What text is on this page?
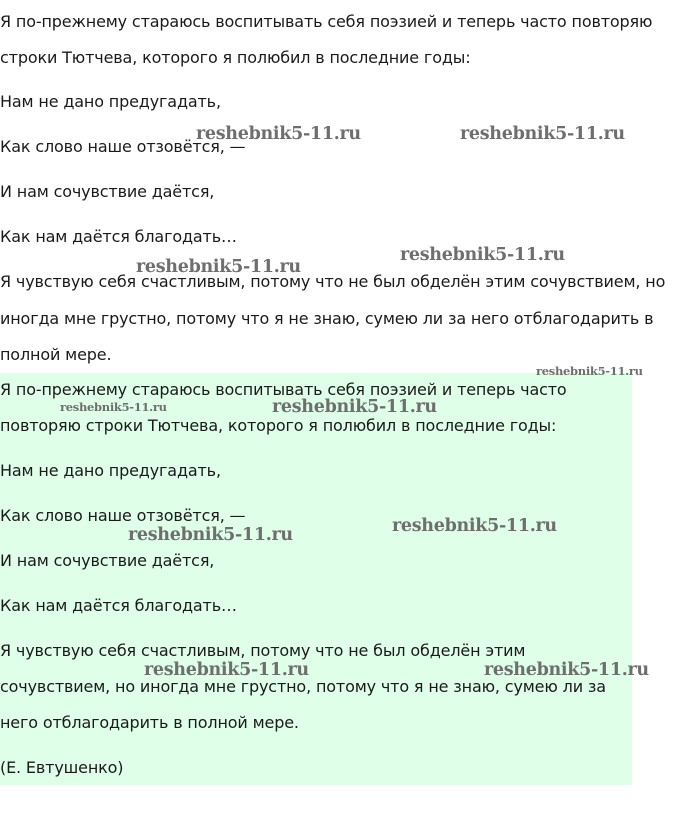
Я по-прежнему стараюсь воспитывать себя поэзией и теперь часто повторяю
строки Тютчева, которого я полюбил в последние годы:
Нам не дано предугадать,
Как слово наше отзовётся, —
И нам сочувствие даётся,
Как нам даётся благодать…
Я чувствую себя счастливым, потому что не был обделён этим сочувствием, но
иногда мне грустно, потому что я не знаю, сумею ли за него отблагодарить в
полной мере.
Я по-прежнему стараюсь воспитывать себя поэзией и теперь часто
повторяю строки Тютчева, которого я полюбил в последние годы:
Нам не дано предугадать,
Как слово наше отзовётся, —
И нам сочувствие даётся,
Как нам даётся благодать…
Я чувствую себя счастливым, потому что не был обделён этим
сочувствием, но иногда мне грустно, потому что я не знаю, сумею ли за
него отблагодарить в полной мере.
(Е. Евтушенко)
reshebnik5-11.ru	reshebnik5-11.ru
reshebnik5-11.ru
reshebnik5-11.ru
reshebnik5-11.ru
reshebnik5-11.ru	reshebnik5-11.ru
reshebnik5-11.ru
reshebnik5-11.ru
reshebnik5-11.ru	reshebnik5-11.ru
